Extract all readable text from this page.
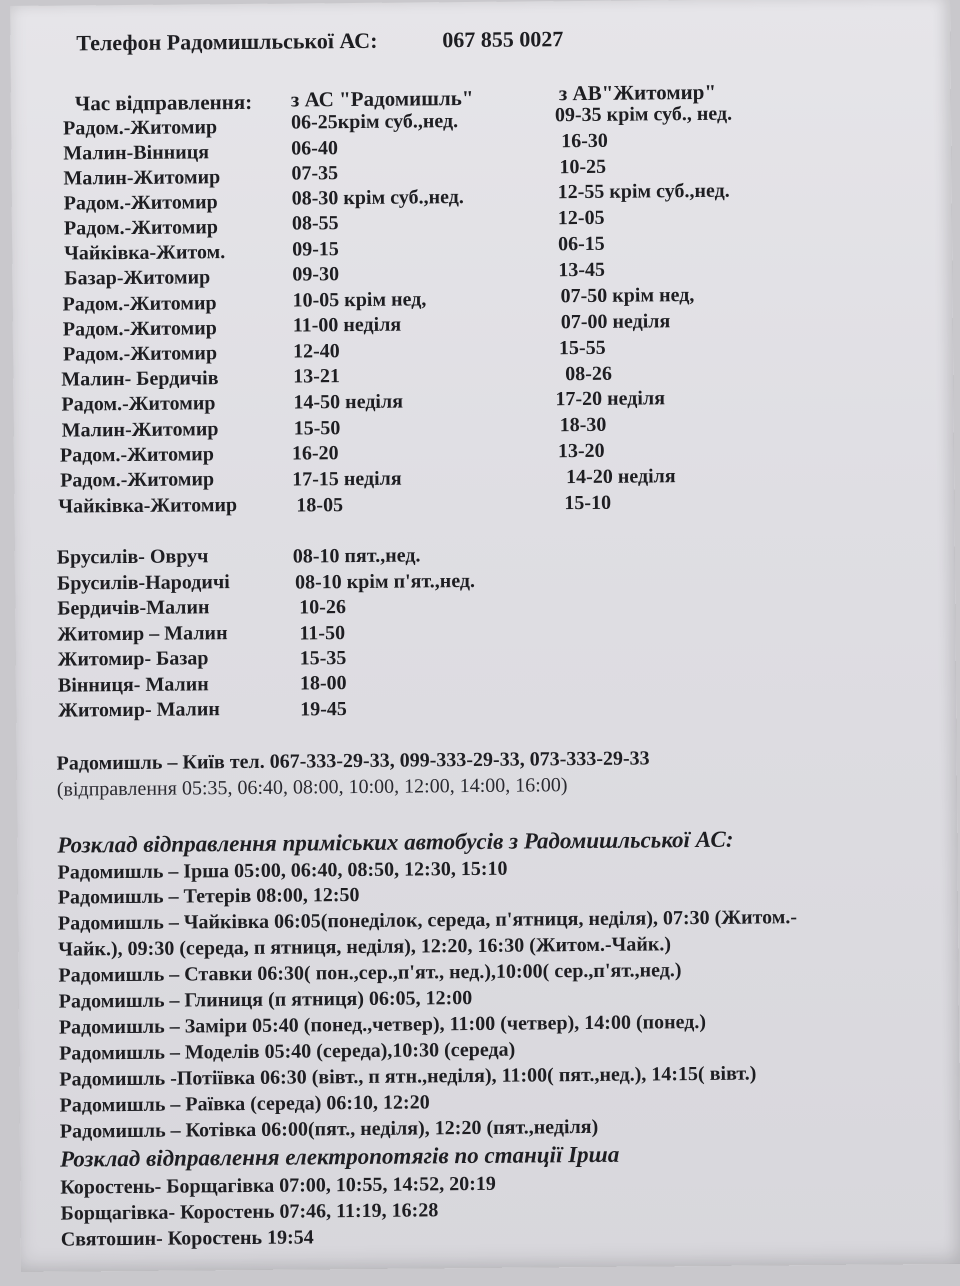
Телефон Радомишльської АС:	067 855 0027
Час відправлення: з АС "Радомишль"	з АВ"Житомир"
Радом.-Житомир	06-25крім суб.,нед.	09-35 крім суб., нед.
Малин-Вінниця	06-40	16-30
Малин-Житомир	07-35	10-25
Радом.-Житомир	08-30 крім суб.,нед.	12-55 крім суб.,нед.
Радом.-Житомир	08-55	12-05
Чайківка-Житом.	09-15	06-15
Базар-Житомир	09-30	13-45
Радом.-Житомир	10-05 крім нед,	07-50 крім нед,
Радом.-Житомир	11-00 неділя	07-00 неділя
Радом.-Житомир	12-40	15-55
Малин- Бердичів	13-21	08-26
Радом.-Житомир	14-50 неділя	17-20 неділя
Малин-Житомир	15-50	18-30
Радом.-Житомир	16-20	13-20
Радом.-Житомир	17-15 неділя	14-20 неділя
Чайківка-Житомир	18-05	15-10
Брусилів- Овруч	08-10 пят.,нед.
Брусилів-Народичі	08-10 крім п'ят.,нед.
Бердичів-Малин	10-26
Житомир – Малин	11-50
Житомир- Базар	15-35
Вінниця- Малин	18-00
Житомир- Малин	19-45
Радомишль – Київ тел. 067-333-29-33, 099-333-29-33, 073-333-29-33
(відправлення 05:35, 06:40, 08:00, 10:00, 12:00, 14:00, 16:00)
Розклад відправлення приміських автобусів з Радомишльської АС:
Радомишль – Ірша 05:00, 06:40, 08:50, 12:30, 15:10
Радомишль – Тетерів 08:00, 12:50
Радомишль – Чайківка 06:05(понеділок, середа, п'ятниця, неділя), 07:30 (Житом.-
Чайк.), 09:30 (середа, п ятниця, неділя), 12:20, 16:30 (Житом.-Чайк.)
Радомишль – Ставки 06:30( пон.,сер.,п'ят., нед.),10:00( сер.,п'ят.,нед.)
Радомишль – Глиниця (п ятниця) 06:05, 12:00
Радомишль – Заміри 05:40 (понед.,четвер), 11:00 (четвер), 14:00 (понед.)
Радомишль – Моделів 05:40 (середа),10:30 (середа)
Радомишль -Потіївка 06:30 (вівт., п ятн.,неділя), 11:00( пят.,нед.), 14:15( вівт.)
Радомишль – Раївка (середа) 06:10, 12:20
Радомишль – Котівка 06:00(пят., неділя), 12:20 (пят.,неділя)
Розклад відправлення електропотягів по станції Ірша
Коростень- Борщагівка 07:00, 10:55, 14:52, 20:19
Борщагівка- Коростень 07:46, 11:19, 16:28
Святошин- Коростень 19:54
